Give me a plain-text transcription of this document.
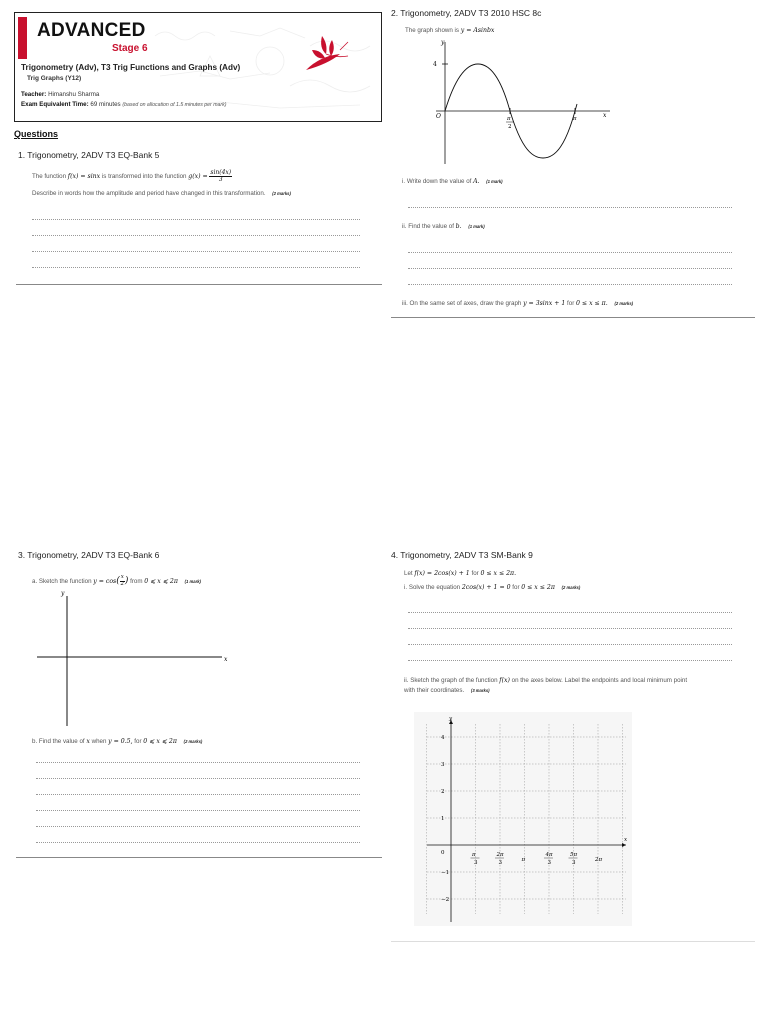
ADVANCED
Stage 6
Trigonometry (Adv), T3 Trig Functions and Graphs (Adv)
Trig Graphs (Y12)
Teacher: Himanshu Sharma
Exam Equivalent Time: 69 minutes (based on allocation of 1.5 minutes per mark)
Questions
1. Trigonometry, 2ADV T3 EQ-Bank 5
The function f(x) = sinx is transformed into the function $g(x) = \frac{\sin(4x)}{3}$
Describe in words how the amplitude and period have changed in this transformation. (2 marks)
2. Trigonometry, 2ADV T3 2010 HSC 8c
The graph shown is y = Asinbx
y
x
O
4
π
2
π
i. Write down the value of A. (1 mark)
ii. Find the value of b. (1 mark)
iii. On the same set of axes, draw the graph y = 3sinx + 1 for 0 ≤ x ≤ π. (2 marks)
3. Trigonometry, 2ADV T3 EQ-Bank 6
a. Sketch the function $y = \cos( \frac{x}{2}$ ) from 0 ⩽ x ⩽ 2π (1 mark)
y
x
b. Find the value of x when y = 0.5, for 0 ⩽ x ⩽ 2π (2 marks)
4. Trigonometry, 2ADV T3 SM-Bank 9
Let f(x) = 2cos(x) + 1 for 0 ≤ x ≤ 2π.
i. Solve the equation 2cos(x) + 1 = 0 for 0 ≤ x ≤ 2π (2 marks)
ii. Sketch the graph of the function f(x) on the axes below. Label the endpoints and local minimum point
with their coordinates. (3 marks)
y
x
4
3
2
1
0
−1
−2
π
3
2π
3	π
4π
3
5π
3	2π
